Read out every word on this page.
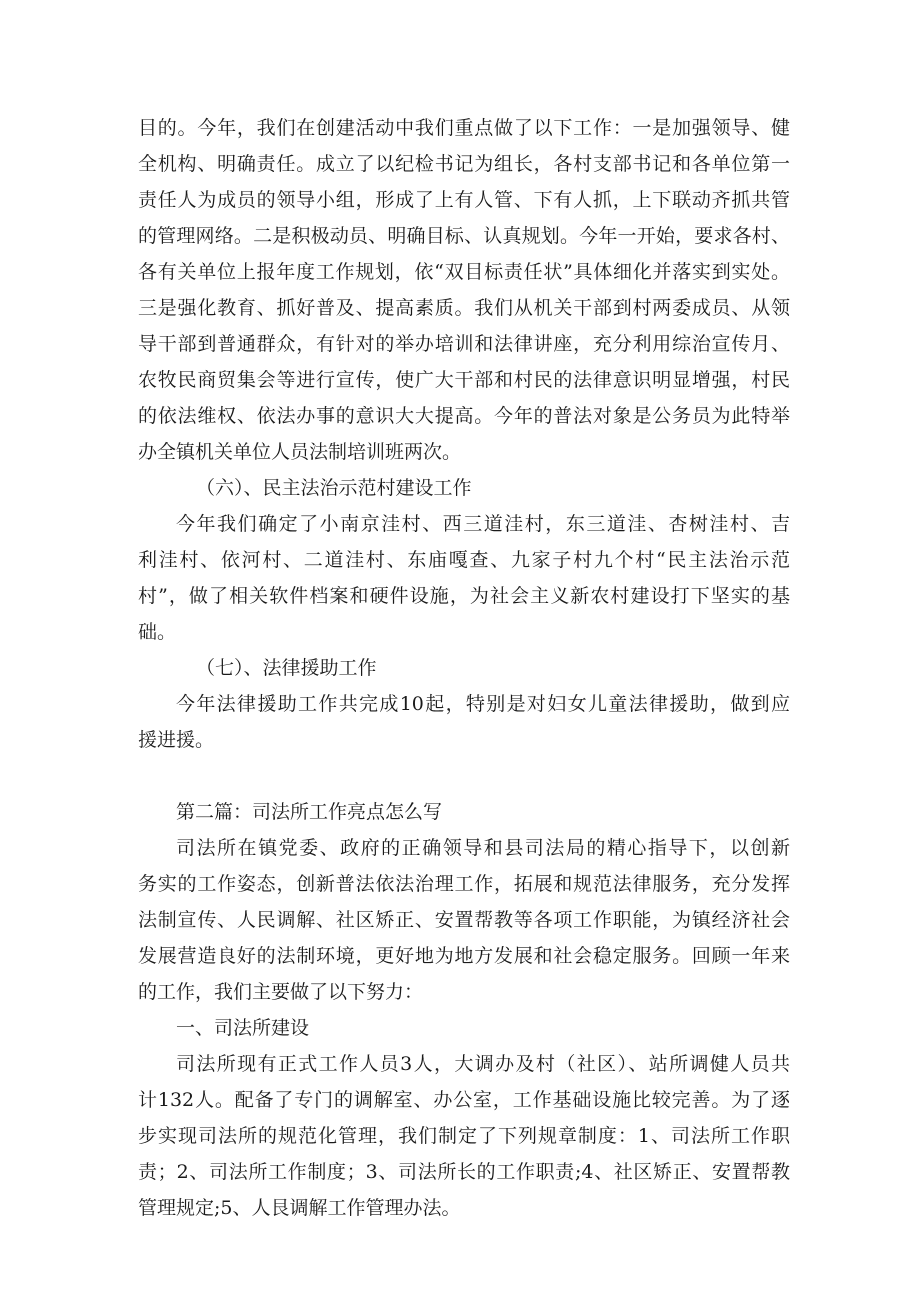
目的。今年，我们在创建活动中我们重点做了以下工作：一是加强领导、健
全机构、明确责任。成立了以纪检书记为组长，各村支部书记和各单位第一
责任人为成员的领导小组，形成了上有人管、下有人抓，上下联动齐抓共管
的管理网络。二是积极动员、明确目标、认真规划。今年一开始，要求各村、
各有关单位上报年度工作规划，依“双目标责任状”具体细化并落实到实处。
三是强化教育、抓好普及、提高素质。我们从机关干部到村两委成员、从领
导干部到普通群众，有针对的举办培训和法律讲座，充分利用综治宣传月、
农牧民商贸集会等进行宣传，使广大干部和村民的法律意识明显增强，村民
的依法维权、依法办事的意识大大提高。今年的普法对象是公务员为此特举
办全镇机关单位人员法制培训班两次。
（六）、民主法治示范村建设工作
今年我们确定了小南京洼村、西三道洼村，东三道洼、杏树洼村、吉
利洼村、依河村、二道洼村、东庙嘎查、九家子村九个村“民主法治示范
村”，做了相关软件档案和硬件设施，为社会主义新农村建设打下坚实的基
础。
（七）、法律援助工作
今年法律援助工作共完成10起，特别是对妇女儿童法律援助，做到应
援进援。
第二篇：司法所工作亮点怎么写
司法所在镇党委、政府的正确领导和县司法局的精心指导下，以创新
务实的工作姿态，创新普法依法治理工作，拓展和规范法律服务，充分发挥
法制宣传、人民调解、社区矫正、安置帮教等各项工作职能，为镇经济社会
发展营造良好的法制环境，更好地为地方发展和社会稳定服务。回顾一年来
的工作，我们主要做了以下努力：
一、司法所建设
司法所现有正式工作人员3人，大调办及村（社区）、站所调健人员共
计132人。配备了专门的调解室、办公室，工作基础设施比较完善。为了逐
步实现司法所的规范化管理，我们制定了下列规章制度：1、司法所工作职
责；2、司法所工作制度；3、司法所长的工作职责;4、社区矫正、安置帮教
管理规定;5、人艮调解工作管理办法。
